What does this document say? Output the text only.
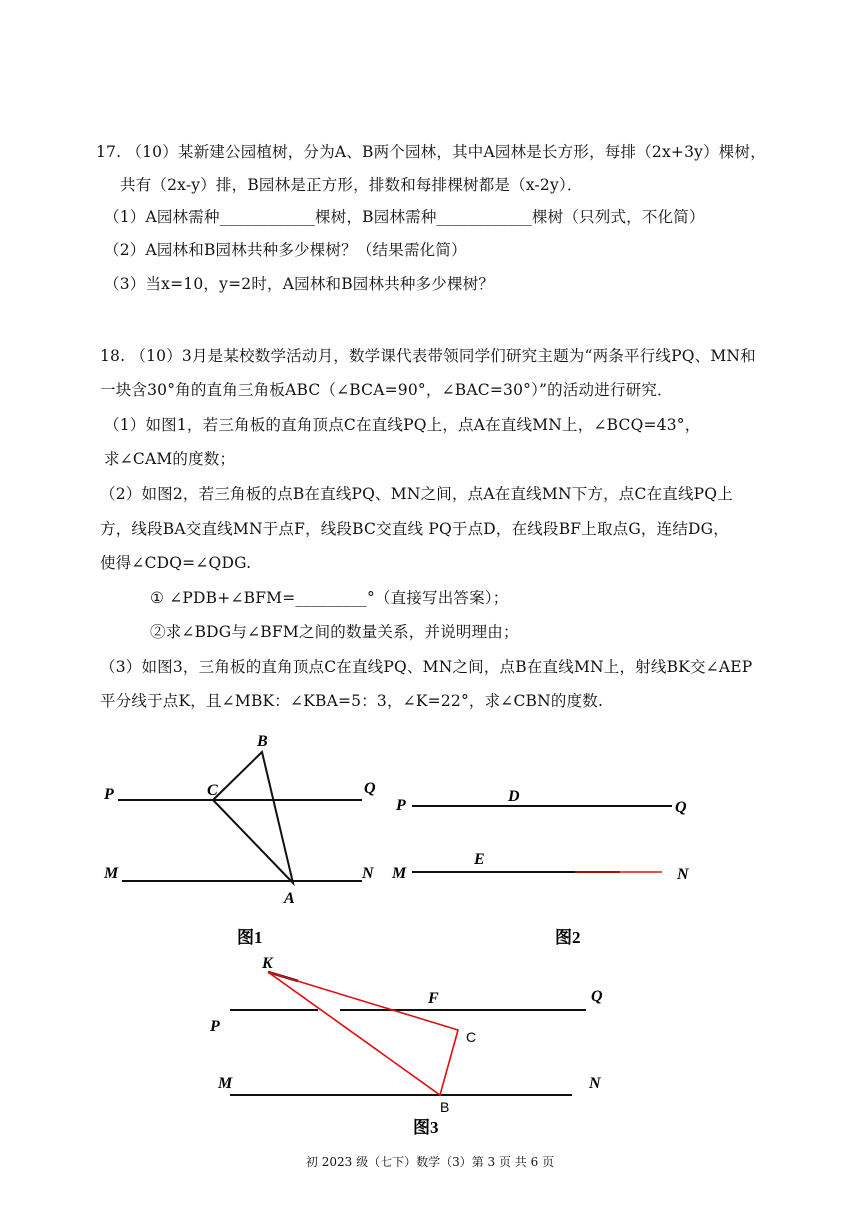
17. （10）某新建公园植树，分为A、B两个园林，其中A园林是长方形，每排（2x+3y）棵树，
共有（2x-y）排，B园林是正方形，排数和每排棵树都是（x-2y）．
（1）A园林需种____________棵树，B园林需种____________棵树（只列式，不化简）
（2）A园林和B园林共种多少棵树？（结果需化简）
（3）当x=10，y=2时，A园林和B园林共种多少棵树？
18. （10）3月是某校数学活动月，数学课代表带领同学们研究主题为“两条平行线PQ、MN和
一块含30°角的直角三角板ABC（∠BCA=90°，∠BAC=30°）”的活动进行研究．
（1）如图1，若三角板的直角顶点C在直线PQ上，点A在直线MN上，∠BCQ=43°，
求∠CAM的度数；
（2）如图2，若三角板的点B在直线PQ、MN之间，点A在直线MN下方，点C在直线PQ上
方，线段BA交直线MN于点F，线段BC交直线 PQ于点D，在线段BF上取点G，连结DG，
使得∠CDQ=∠QDG.
① ∠PDB+∠BFM=_________°（直接写出答案）；
②求∠BDG与∠BFM之间的数量关系，并说明理由；
（3）如图3，三角板的直角顶点C在直线PQ、MN之间，点B在直线MN上，射线BK交∠AEP
平分线于点K，且∠MBK：∠KBA=5：3，∠K=22°，求∠CBN的度数.
P	Q
M	N
C
B
A
图1
P	Q
M	N
D
E
图2
K
F	Q
P
M	N
C
B
图3
初 2023 级（七下）数学（3）第 3 页 共 6 页
